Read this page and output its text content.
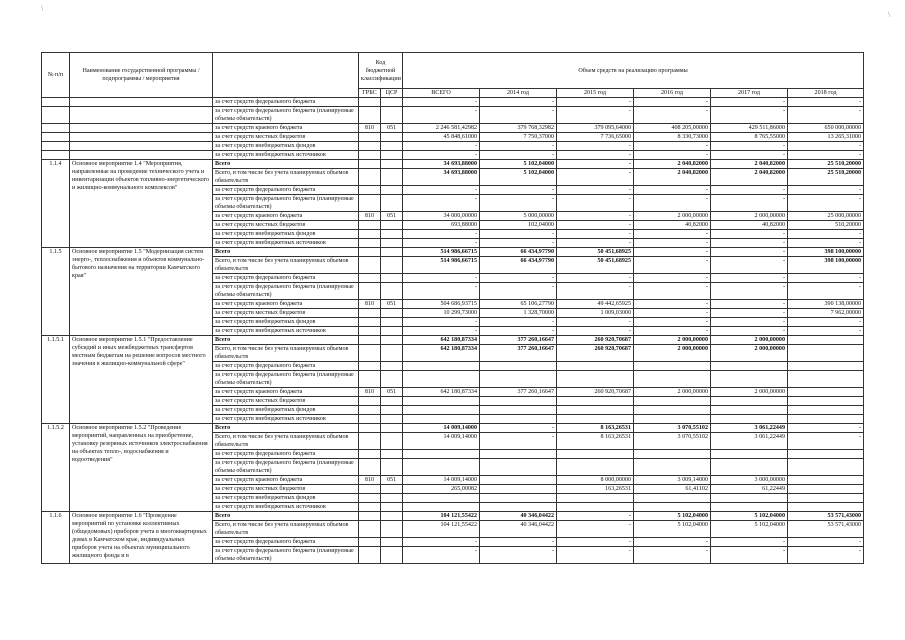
\
\
№ п/п	Наименование государственной программы / подпрограммы / мероприятия		Код бюджетной классификации		Объем средств на реализацию программы					
			ГРБС	ЦСР	ВСЕГО	2014 год	2015 год	2016 год	2017 год	2018 год
		за счет средств федерального бюджета			-	-	-	-	-	-
		за счет средств федерального бюджета (планируемые объемы обязательств)			-	-	-	-	-	-
		за счет средств краевого бюджета	810	051	2 246 581,42982	379 768,32982	379 095,64000	408 205,00000	429 511,86000	650 000,00000
		за счет средств местных бюджетов			45 848,61000	7 750,37000	7 736,65000	8 330,73000	8 765,55000	13 265,31000
		за счет средств внебюджетных фондов			-	-	-	-	-	-
		за счет средств внебюджетных источников			-	-	-	-	-	-
1.1.4	Основное мероприятие 1.4 "Мероприятия, направленные на проведение технического учета и инвентаризации объектов топливно-энергетического и жилищно-коммунального комплексов"	Всего			34 693,88000	5 102,04000	-	2 040,82000	2 040,82000	25 510,20000
		Всего, в том числе без учета планируемых объемов обязательств			34 693,88000	5 102,04000	-	2 040,82000	2 040,82000	25 510,20000
		за счет средств федерального бюджета			-	-	-	-	-	-
		за счет средств федерального бюджета (планируемые объемы обязательств)			-	-	-	-	-	-
		за счет средств краевого бюджета	810	051	34 000,00000	5 000,00000	-	2 000,00000	2 000,00000	25 000,00000
		за счет средств местных бюджетов			693,88000	102,04000	-	40,82000	40,82000	510,20000
		за счет средств внебюджетных фондов			-	-	-	-	-	-
		за счет средств внебюджетных источников			-	-	-	-	-	-
1.1.5	Основное мероприятие 1.5 "Модернизация систем энерго-, теплоснабжения и объектов коммунально-бытового назначения на территории Камчатского края"	Всего			514 986,66715	66 434,97790	50 451,68925	-	-	398 100,00000
		Всего, в том числе без учета планируемых объемов обязательств			514 986,66715	66 434,97790	50 451,68925	-	-	398 100,00000
		за счет средств федерального бюджета			-	-	-	-	-	-
		за счет средств федерального бюджета (планируемые объемы обязательств)			-	-	-	-	-	-
		за счет средств краевого бюджета	810	051	504 686,93715	65 106,27790	49 442,65925	-	-	390 138,00000
		за счет средств местных бюджетов			10 299,73000	1 328,70000	1 009,03000	-	-	7 962,00000
		за счет средств внебюджетных фондов			-	-	-	-	-	-
		за счет средств внебюджетных источников			-	-	-	-	-	-
1.1.5.1	Основное мероприятие 1.5.1 "Предоставление субсидий и иных межбюджетных трансфертов местным бюджетам на решение вопросов местного значения в жилищно-коммунальной сфере"	Всего			642 180,87334	377 260,16647	260 920,70687	2 000,00000	2 000,00000	
		Всего, в том числе без учета планируемых объемов обязательств			642 180,87334	377 260,16647	260 920,70687	2 000,00000	2 000,00000	
		за счет средств федерального бюджета								
		за счет средств федерального бюджета (планируемые объемы обязательств)								
		за счет средств краевого бюджета	810	051	642 180,87334	377 260,16647	260 920,70687	2 000,00000	2 000,00000	
		за счет средств местных бюджетов								
		за счет средств внебюджетных фондов								
		за счет средств внебюджетных источников								
1.1.5.2	Основное мероприятие 1.5.2 "Проведение мероприятий, направленных на приобретение, установку резервных источников электроснабжения на объектах тепло-, водоснабжения и водоотведения"	Всего			14 009,14000	-	8 163,26531	3 070,55102	3 061,22449	-
		Всего, в том числе без учета планируемых объемов обязательств			14 009,14000	-	8 163,26531	3 070,55102	3 061,22449	-
		за счет средств федерального бюджета								
		за счет средств федерального бюджета (планируемые объемы обязательств)								
		за счет средств краевого бюджета	810	051	14 009,14000		8 000,00000	3 009,14000	3 000,00000	
		за счет средств местных бюджетов			265,00082		163,26531	61,41102	61,22449	
		за счет средств внебюджетных фондов								
		за счет средств внебюджетных источников								
1.1.6	Основное мероприятие 1.6 "Проведение мероприятий по установке коллективных (общедомовых) приборов учета в многоквартирных домах в Камчатском крае, индивидуальных приборов учета на объектах муниципального жилищного фонда и в	Всего			104 121,55422	40 346,04422	-	5 102,04000	5 102,04000	53 571,43000
		Всего, в том числе без учета планируемых объемов обязательств			104 121,55422	40 346,04422	-	5 102,04000	5 102,04000	53 571,43000
		за счет средств федерального бюджета			-	-	-	-	-	-
		за счет средств федерального бюджета (планируемые объемы обязательств)			-	-	-	-	-	-
